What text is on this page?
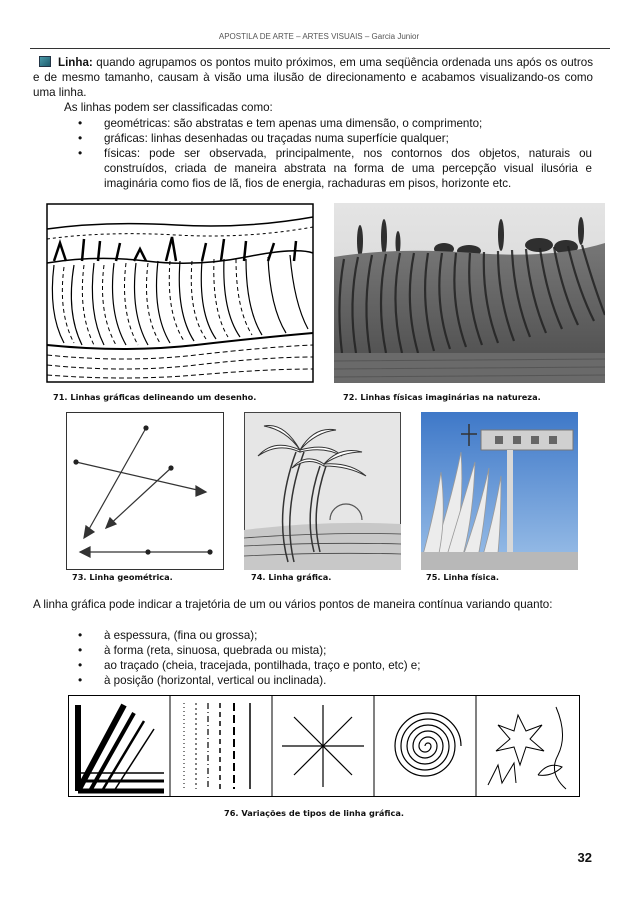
APOSTILA DE ARTE – ARTES VISUAIS – Garcia Junior
Linha: quando agrupamos os pontos muito próximos, em uma seqüência ordenada uns após os outros e de mesmo tamanho, causam à visão uma ilusão de direcionamento e acabamos visualizando-os como uma linha.
As linhas podem ser classificadas como:
• geométricas: são abstratas e tem apenas uma dimensão, o comprimento;
• gráficas: linhas desenhadas ou traçadas numa superfície qualquer;
• físicas: pode ser observada, principalmente, nos contornos dos objetos, naturais ou construídos, criada de maneira abstrata na forma de uma percepção visual ilusória e imaginária como fios de lã, fios de energia, rachaduras em pisos, horizonte etc.
71. Linhas gráficas delineando um desenho.	72. Linhas físicas imaginárias na natureza.
73. Linha geométrica.	74. Linha gráfica.	75. Linha física.
A linha gráfica pode indicar a trajetória de um ou vários pontos de maneira contínua variando quanto:
• à espessura, (fina ou grossa);
• à forma (reta, sinuosa, quebrada ou mista);
• ao traçado (cheia, tracejada, pontilhada, traço e ponto, etc) e;
• à posição (horizontal, vertical ou inclinada).
76. Variações de tipos de linha gráfica.
32
